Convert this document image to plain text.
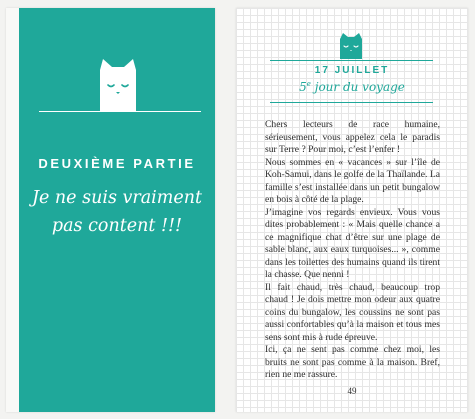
DEUXIÈME PARTIE
Je ne suis vraiment
pas content !!!
17 JUILLET
5e jour du voyage

Chers lecteurs de race humaine, sérieusement, vous appelez cela le paradis sur Terre ? Pour moi, c’est l’enfer !

Nous sommes en « vacances » sur l’île de Koh-Samui, dans le golfe de la Thaïlande. La famille s’est installée dans un petit bungalow en bois à côté de la plage.

J’imagine vos regards envieux. Vous vous dites probablement : « Mais quelle chance a ce magnifique chat d’être sur une plage de sable blanc, aux eaux turquoises... », comme dans les toilettes des humains quand ils tirent la chasse. Que nenni !

Il fait chaud, très chaud, beaucoup trop chaud ! Je dois mettre mon odeur aux quatre coins du bungalow, les coussins ne sont pas aussi confortables qu’à la maison et tous mes sens sont mis à rude épreuve.

Ici, ça ne sent pas comme chez moi, les bruits ne sont pas comme à la maison. Bref, rien ne me rassure.

49
